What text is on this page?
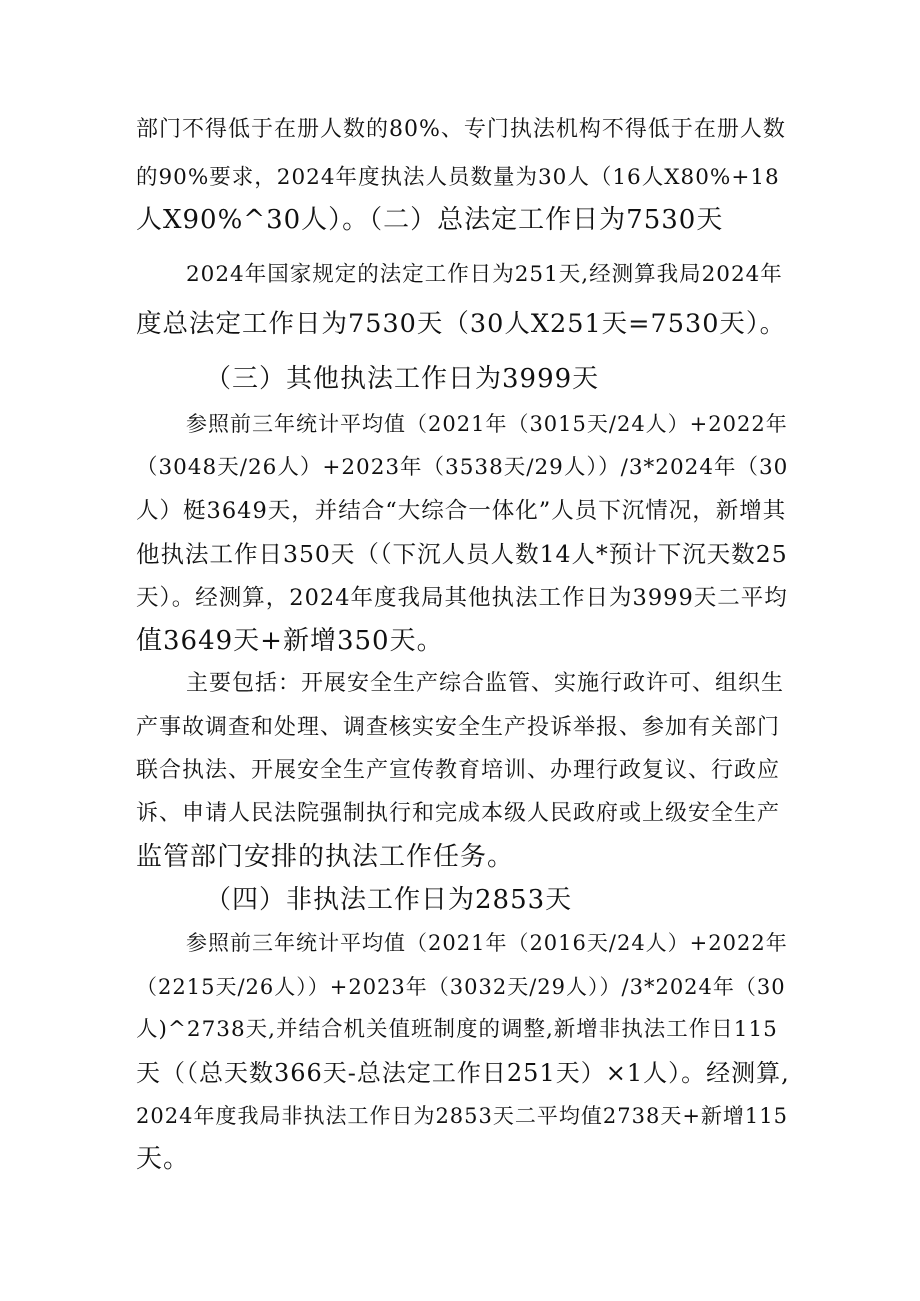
部门不得低于在册人数的80%、专门执法机构不得低于在册人数
的90%要求，2024年度执法人员数量为30人（16人X80%+18
人X90%^30人）。（二）总法定工作日为7530天
2024年国家规定的法定工作日为251天,经测算我局2024年
度总法定工作日为7530天（30人X251天=7530天）。
（三）其他执法工作日为3999天
参照前三年统计平均值（2021年（3015天/24人）+2022年
（3048天/26人）+2023年（3538天/29人））/3*2024年（30
人）梃3649天，并结合“大综合一体化”人员下沉情况，新增其
他执法工作日350天（（下沉人员人数14人*预计下沉天数25
天）。经测算，2024年度我局其他执法工作日为3999天二平均
值3649天+新增350天。
主要包括：开展安全生产综合监管、实施行政许可、组织生
产事故调查和处理、调查核实安全生产投诉举报、参加有关部门
联合执法、开展安全生产宣传教育培训、办理行政复议、行政应
诉、申请人民法院强制执行和完成本级人民政府或上级安全生产
监管部门安排的执法工作任务。
（四）非执法工作日为2853天
参照前三年统计平均值（2021年（2016天/24人）+2022年
（2215天/26人））+2023年（3032天/29人））/3*2024年（30
人)^2738天,并结合机关值班制度的调整,新增非执法工作日115
天（（总天数366天-总法定工作日251天）×1人）。经测算,
2024年度我局非执法工作日为2853天二平均值2738天+新增115
天。
